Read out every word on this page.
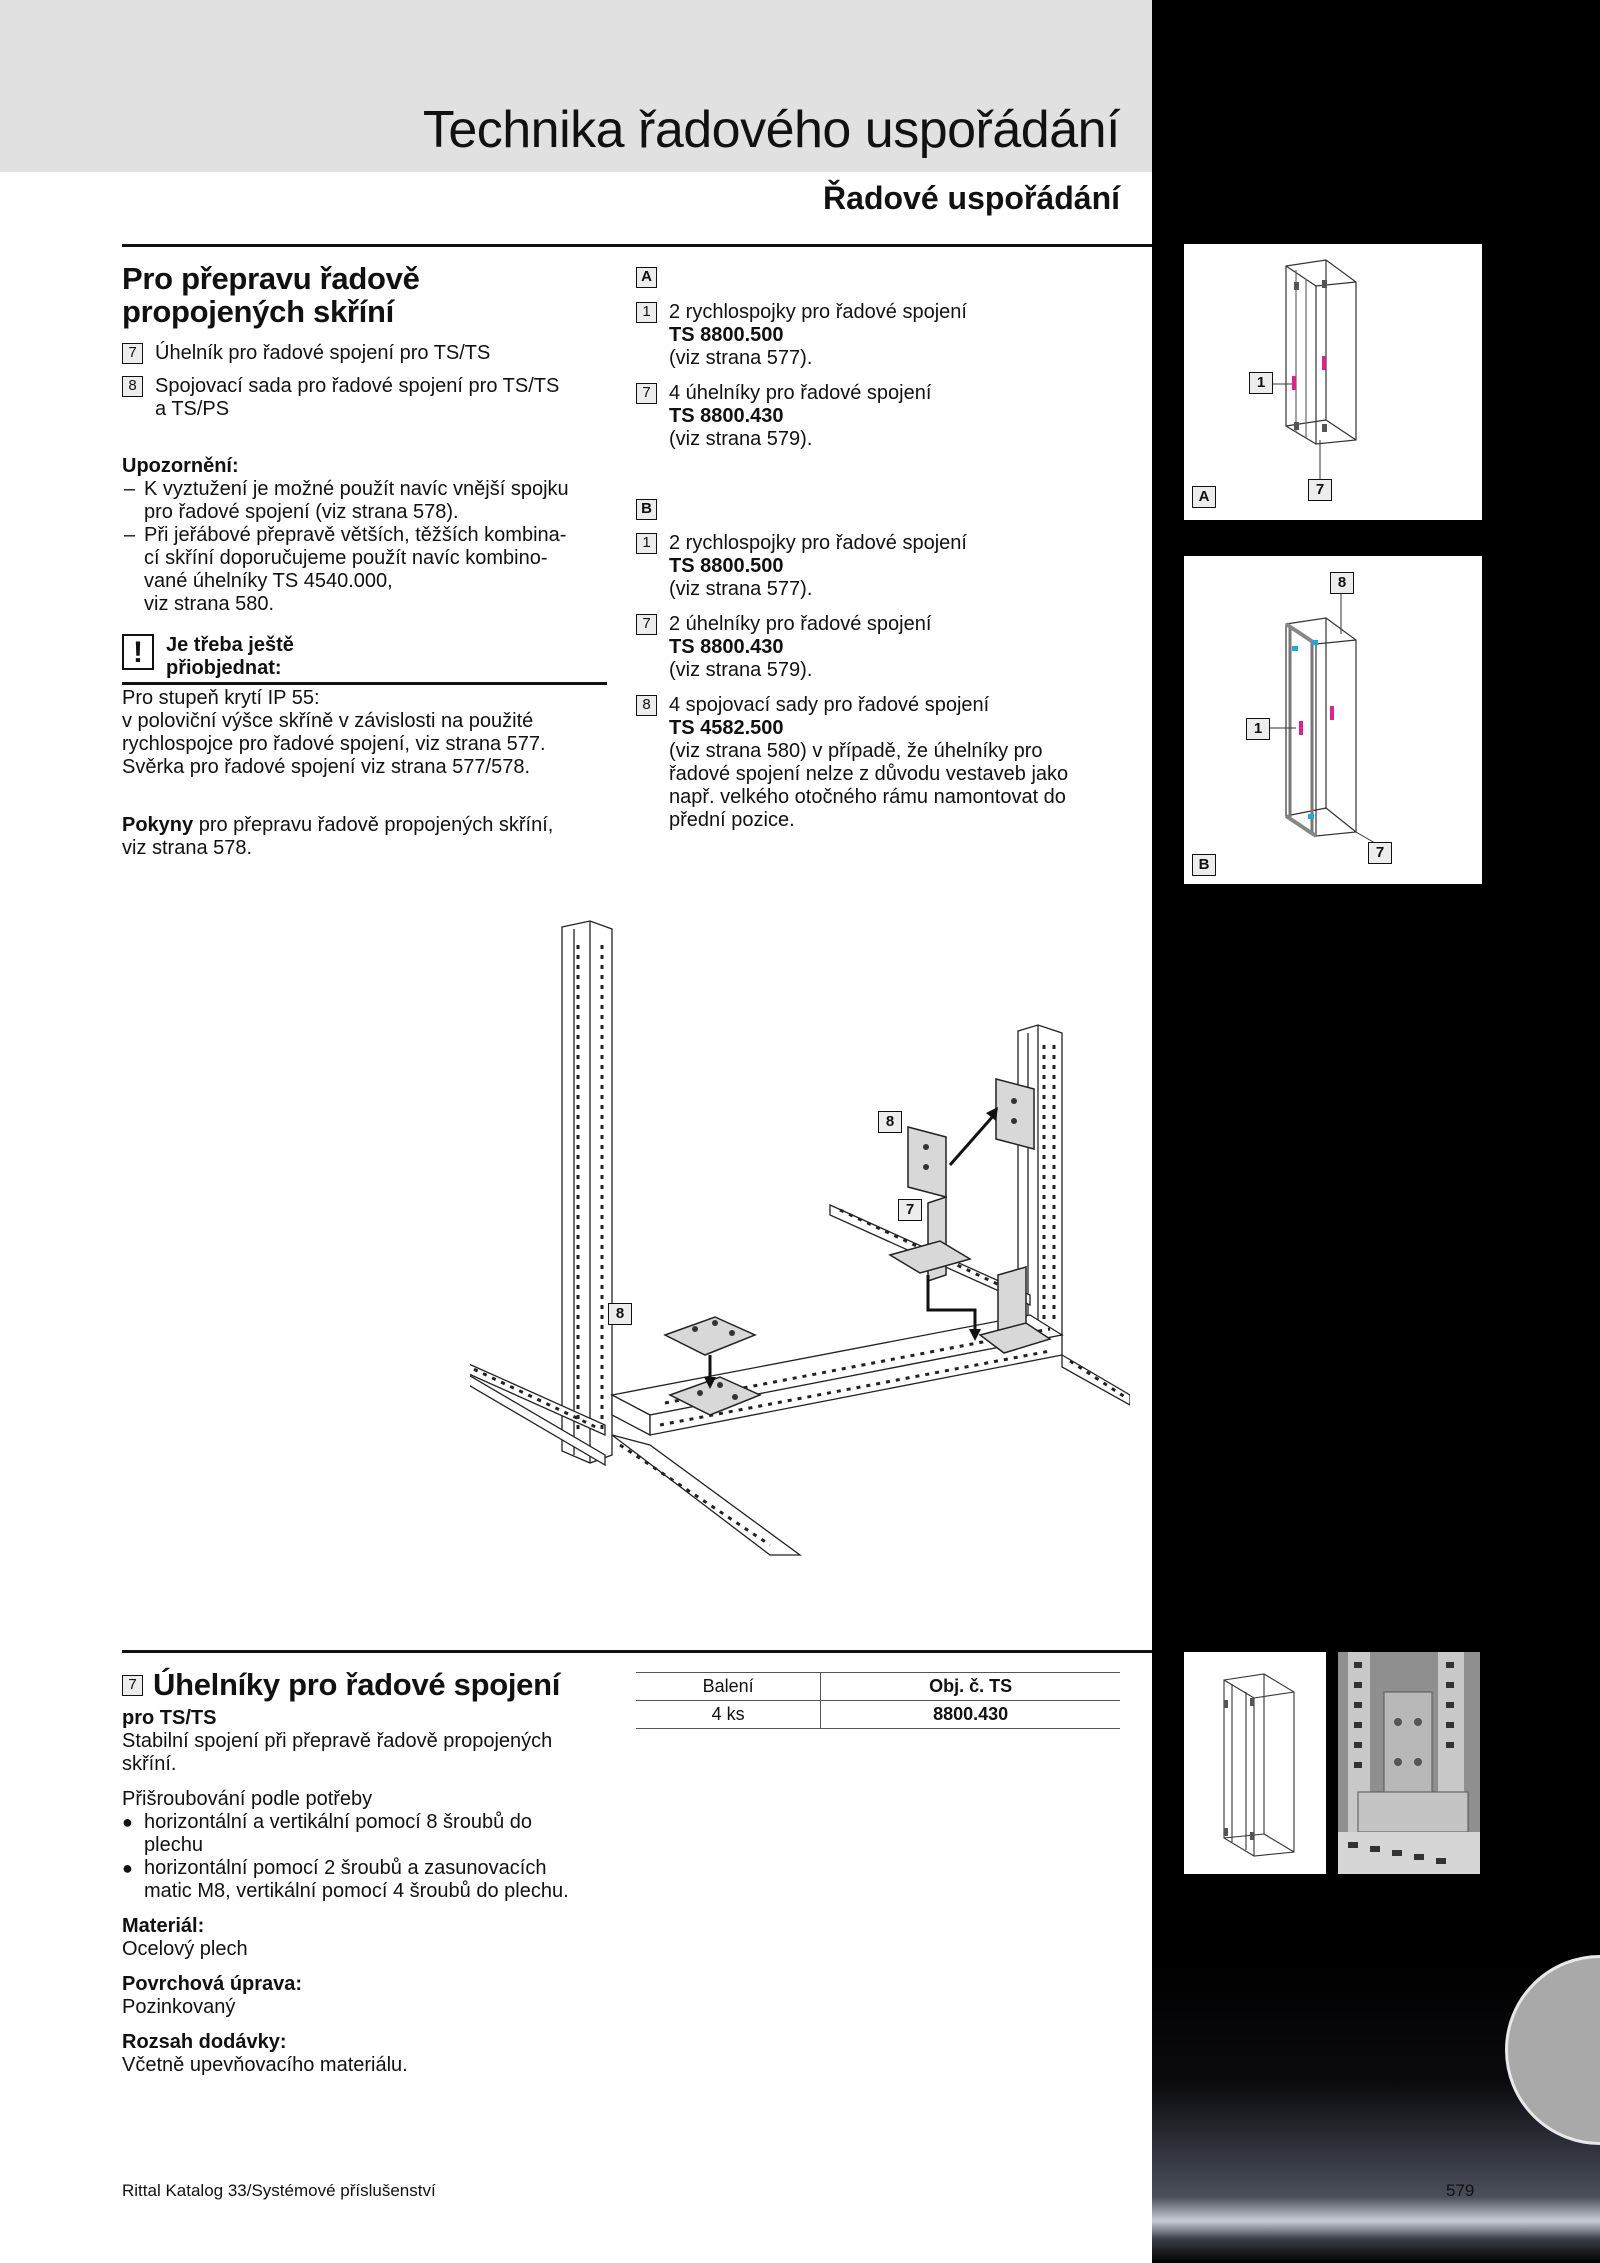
Technika řadového uspořádání
Řadové uspořádání
Pro přepravu řadově
propojených skříní
7 Úhelník pro řadové spojení pro TS/TS
8 Spojovací sada pro řadové spojení pro TS/TS
a TS/PS
Upozornění:
– K vyztužení je možné použít navíc vnější spojku
pro řadové spojení (viz strana 578).
– Při jeřábové přepravě větších, těžších kombina-
cí skříní doporučujeme použít navíc kombino-
vané úhelníky TS 4540.000,
viz strana 580.
!	Je třeba ještě
přiobjednat:
Pro stupeň krytí IP 55:
v poloviční výšce skříně v závislosti na použité
rychlospojce pro řadové spojení, viz strana 577.
Svěrka pro řadové spojení viz strana 577/578.
Pokyny pro přepravu řadově propojených skříní,
viz strana 578.
A
1 2 rychlospojky pro řadové spojení
TS 8800.500
(viz strana 577).
7 4 úhelníky pro řadové spojení
TS 8800.430
(viz strana 579).
B
1 2 rychlospojky pro řadové spojení
TS 8800.500
(viz strana 577).
7 2 úhelníky pro řadové spojení
TS 8800.430
(viz strana 579).
8 4 spojovací sady pro řadové spojení
TS 4582.500
(viz strana 580) v případě, že úhelníky pro
řadové spojení nelze z důvodu vestaveb jako
např. velkého otočného rámu namontovat do
přední pozice.
1
7
A
8
1
7
B
8
8
7
7 Úhelníky pro řadové spojení
pro TS/TS
Stabilní spojení při přepravě řadově propojených
skříní.
Přišroubování podle potřeby
● horizontální a vertikální pomocí 8 šroubů do
plechu
● horizontální pomocí 2 šroubů a zasunovacích
matic M8, vertikální pomocí 4 šroubů do plechu.
Materiál:
Ocelový plech
Povrchová úprava:
Pozinkovaný
Rozsah dodávky:
Včetně upevňovacího materiálu.
Balení	Obj. č. TS
4 ks	8800.430
Rittal Katalog 33/Systémové příslušenství	579
